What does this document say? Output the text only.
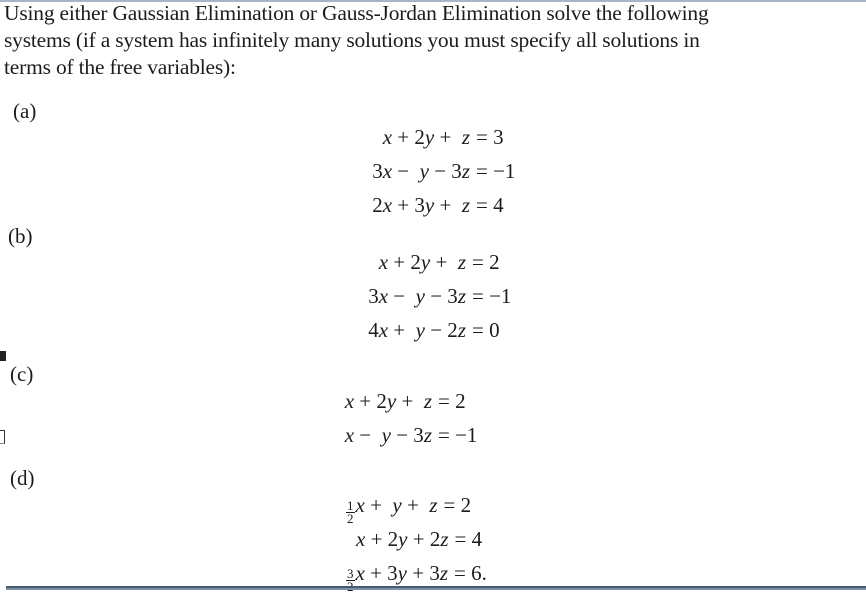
Using either Gaussian Elimination or Gauss-Jordan Elimination solve the following
systems (if a system has infinitely many solutions you must specify all solutions in
terms of the free variables):
(a)
x + 2y +  z = 3
3x −  y − 3z = −1
2x + 3y +  z = 4
(b)
x + 2y +  z = 2
3x −  y − 3z = −1
4x +  y − 2z = 0
(c)
x + 2y +  z = 2
x −  y − 3z = −1
(d)
$\frac{1}{2}$ x +  y +  z = 2
x + 2y + 2z = 4
3 x + 3y + 3z = 6.
